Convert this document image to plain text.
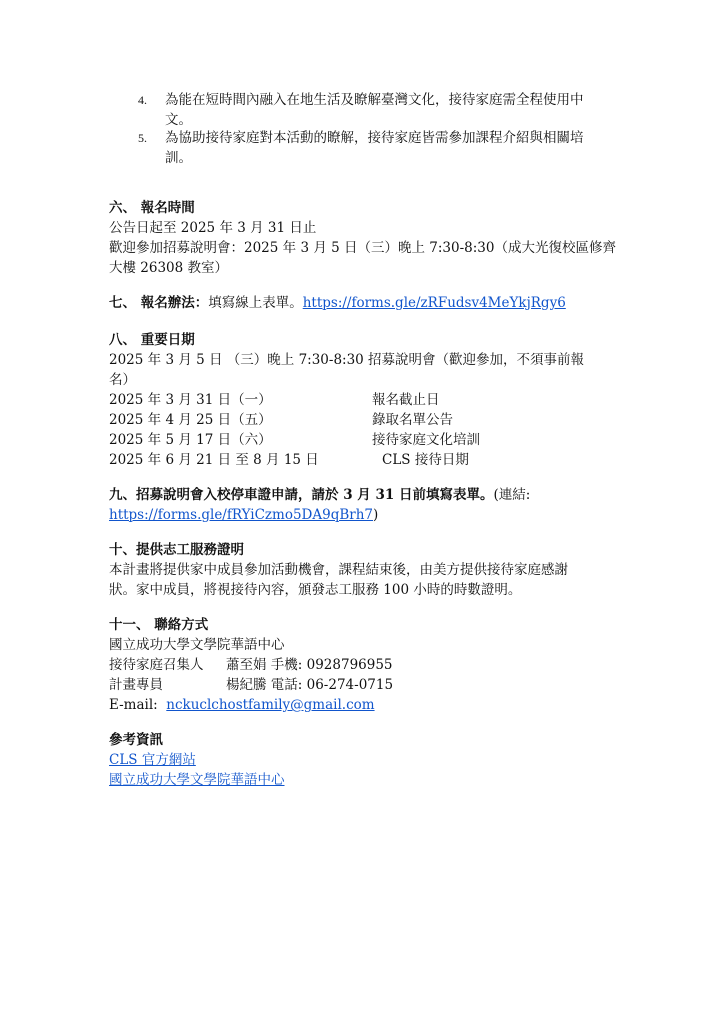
4. 為能在短時間內融入在地生活及瞭解臺灣文化，接待家庭需全程使用中
文。
5. 為協助接待家庭對本活動的瞭解，接待家庭皆需參加課程介紹與相關培
訓。
六、 報名時間
公告日起至 2025 年 3 月 31 日止
歡迎參加招募說明會：2025 年 3 月 5 日（三）晚上 7:30-8:30（成大光復校區修齊
大樓 26308 教室）
七、 報名辦法：填寫線上表單。https://forms.gle/zRFudsv4MeYkjRgy6
八、 重要日期
2025 年 3 月 5 日 （三）晚上 7:30-8:30 招募說明會（歡迎參加，不須事前報
名）
2025 年 3 月 31 日（一）	報名截止日
2025 年 4 月 25 日（五）	錄取名單公告
2025 年 5 月 17 日（六）	接待家庭文化培訓
2025 年 6 月 21 日 至 8 月 15 日	CLS 接待日期
九、招募說明會入校停車證申請，請於 3 月 31 日前填寫表單。(連結:
https://forms.gle/fRYiCzmo5DA9qBrh7)
十、提供志工服務證明
本計畫將提供家中成員參加活動機會，課程結束後，由美方提供接待家庭感謝
狀。家中成員，將視接待內容，頒發志工服務 100 小時的時數證明。
十一、 聯絡方式
國立成功大學文學院華語中心
接待家庭召集人 蕭至娟 手機: 0928796955
計畫專員	楊紀騰 電話: 06-274-0715
E-mail: nckuclchostfamily@gmail.com
參考資訊
CLS 官方網站
國立成功大學文學院華語中心
